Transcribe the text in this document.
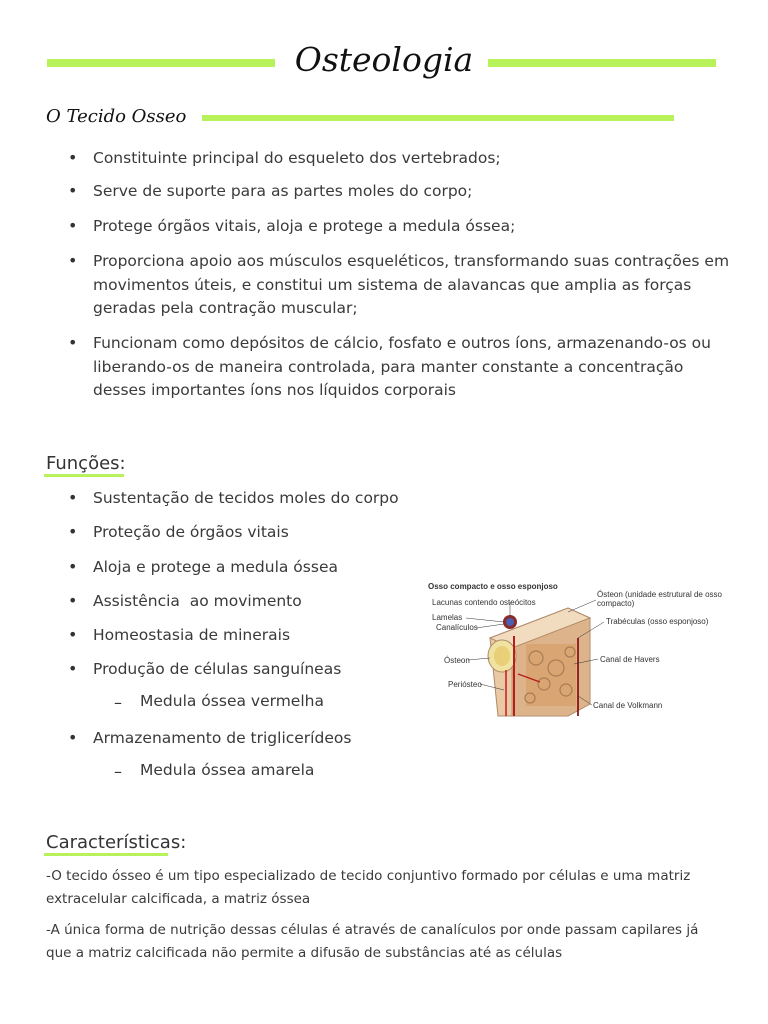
Osteologia
O Tecido Osseo
• Constituinte principal do esqueleto dos vertebrados;
• Serve de suporte para as partes moles do corpo;
• Protege órgãos vitais, aloja e protege a medula óssea;
• Proporciona apoio aos músculos esqueléticos, transformando suas contrações em movimentos úteis, e constitui um sistema de alavancas que amplia as forças geradas pela contração muscular;
• Funcionam como depósitos de cálcio, fosfato e outros íons, armazenando-os ou liberando-os de maneira controlada, para manter constante a concentração desses importantes íons nos líquidos corporais
Funções:
• Sustentação de tecidos moles do corpo
• Proteção de órgãos vitais
• Aloja e protege a medula óssea
• Assistência  ao movimento
• Homeostasia de minerais
• Produção de células sanguíneas
– Medula óssea vermelha
• Armazenamento de triglicerídeos
– Medula óssea amarela
Osso compacto e osso esponjoso
Lacunas contendo osteócitos
Lamelas
Canalículos
Ósteon
Periósteo
Ósteon (unidade estrutural de osso
compacto)
Trabéculas (osso esponjoso)
Canal de Havers
Canal de Volkmann
Características:
-O tecido ósseo é um tipo especializado de tecido conjuntivo formado por células e uma matriz extracelular calcificada, a matriz óssea
-A única forma de nutrição dessas células é através de canalículos por onde passam capilares já que a matriz calcificada não permite a difusão de substâncias até as células
